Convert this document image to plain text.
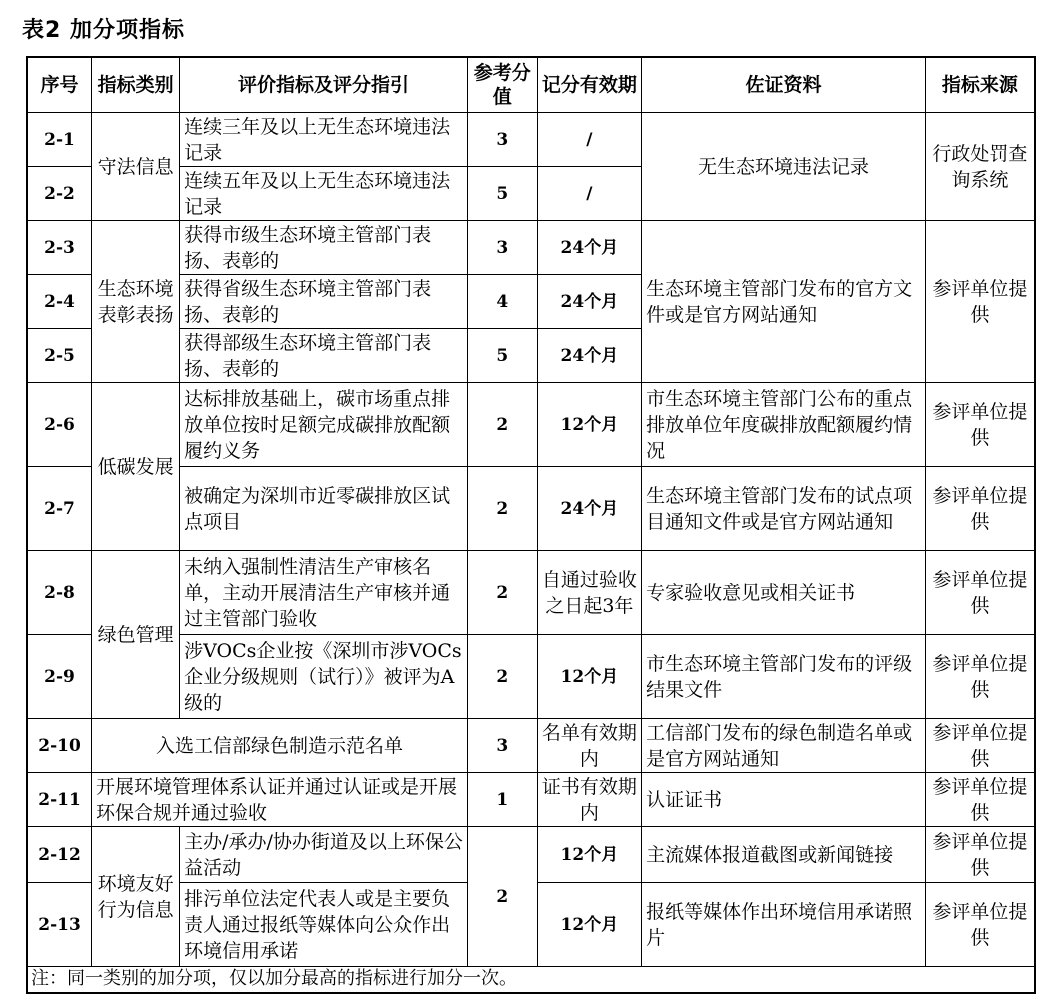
表2 加分项指标
序号	指标类别	评价指标及评分指引	参考分值	记分有效期	佐证资料	指标来源
2-1	守法信息	连续三年及以上无生态环境违法记录	3	/	无生态环境违法记录	行政处罚查询系统
2-2		连续五年及以上无生态环境违法记录	5	/		
2-3	生态环境表彰表扬	获得市级生态环境主管部门表扬、表彰的	3	24个月	生态环境主管部门发布的官方文件或是官方网站通知	参评单位提供
2-4		获得省级生态环境主管部门表扬、表彰的	4	24个月		
2-5		获得部级生态环境主管部门表扬、表彰的	5	24个月		
2-6	低碳发展	达标排放基础上，碳市场重点排放单位按时足额完成碳排放配额履约义务	2	12个月	市生态环境主管部门公布的重点排放单位年度碳排放配额履约情况	参评单位提供
2-7		被确定为深圳市近零碳排放区试点项目	2	24个月	生态环境主管部门发布的试点项目通知文件或是官方网站通知	参评单位提供
2-8	绿色管理	未纳入强制性清洁生产审核名单，主动开展清洁生产审核并通过主管部门验收	2	自通过验收之日起3年	专家验收意见或相关证书	参评单位提供
2-9		涉VOCs企业按《深圳市涉VOCs企业分级规则（试行）》被评为A级的	2	12个月	市生态环境主管部门发布的评级结果文件	参评单位提供
2-10	入选工信部绿色制造示范名单		3	名单有效期内	工信部门发布的绿色制造名单或是官方网站通知	参评单位提供
2-11	开展环境管理体系认证并通过认证或是开展环保合规并通过验收		1	证书有效期内	认证证书	参评单位提供
2-12	环境友好行为信息	主办/承办/协办街道及以上环保公益活动	2	12个月	主流媒体报道截图或新闻链接	参评单位提供
2-13		排污单位法定代表人或是主要负责人通过报纸等媒体向公众作出环境信用承诺		12个月	报纸等媒体作出环境信用承诺照片	参评单位提供
注：同一类别的加分项，仅以加分最高的指标进行加分一次。						
